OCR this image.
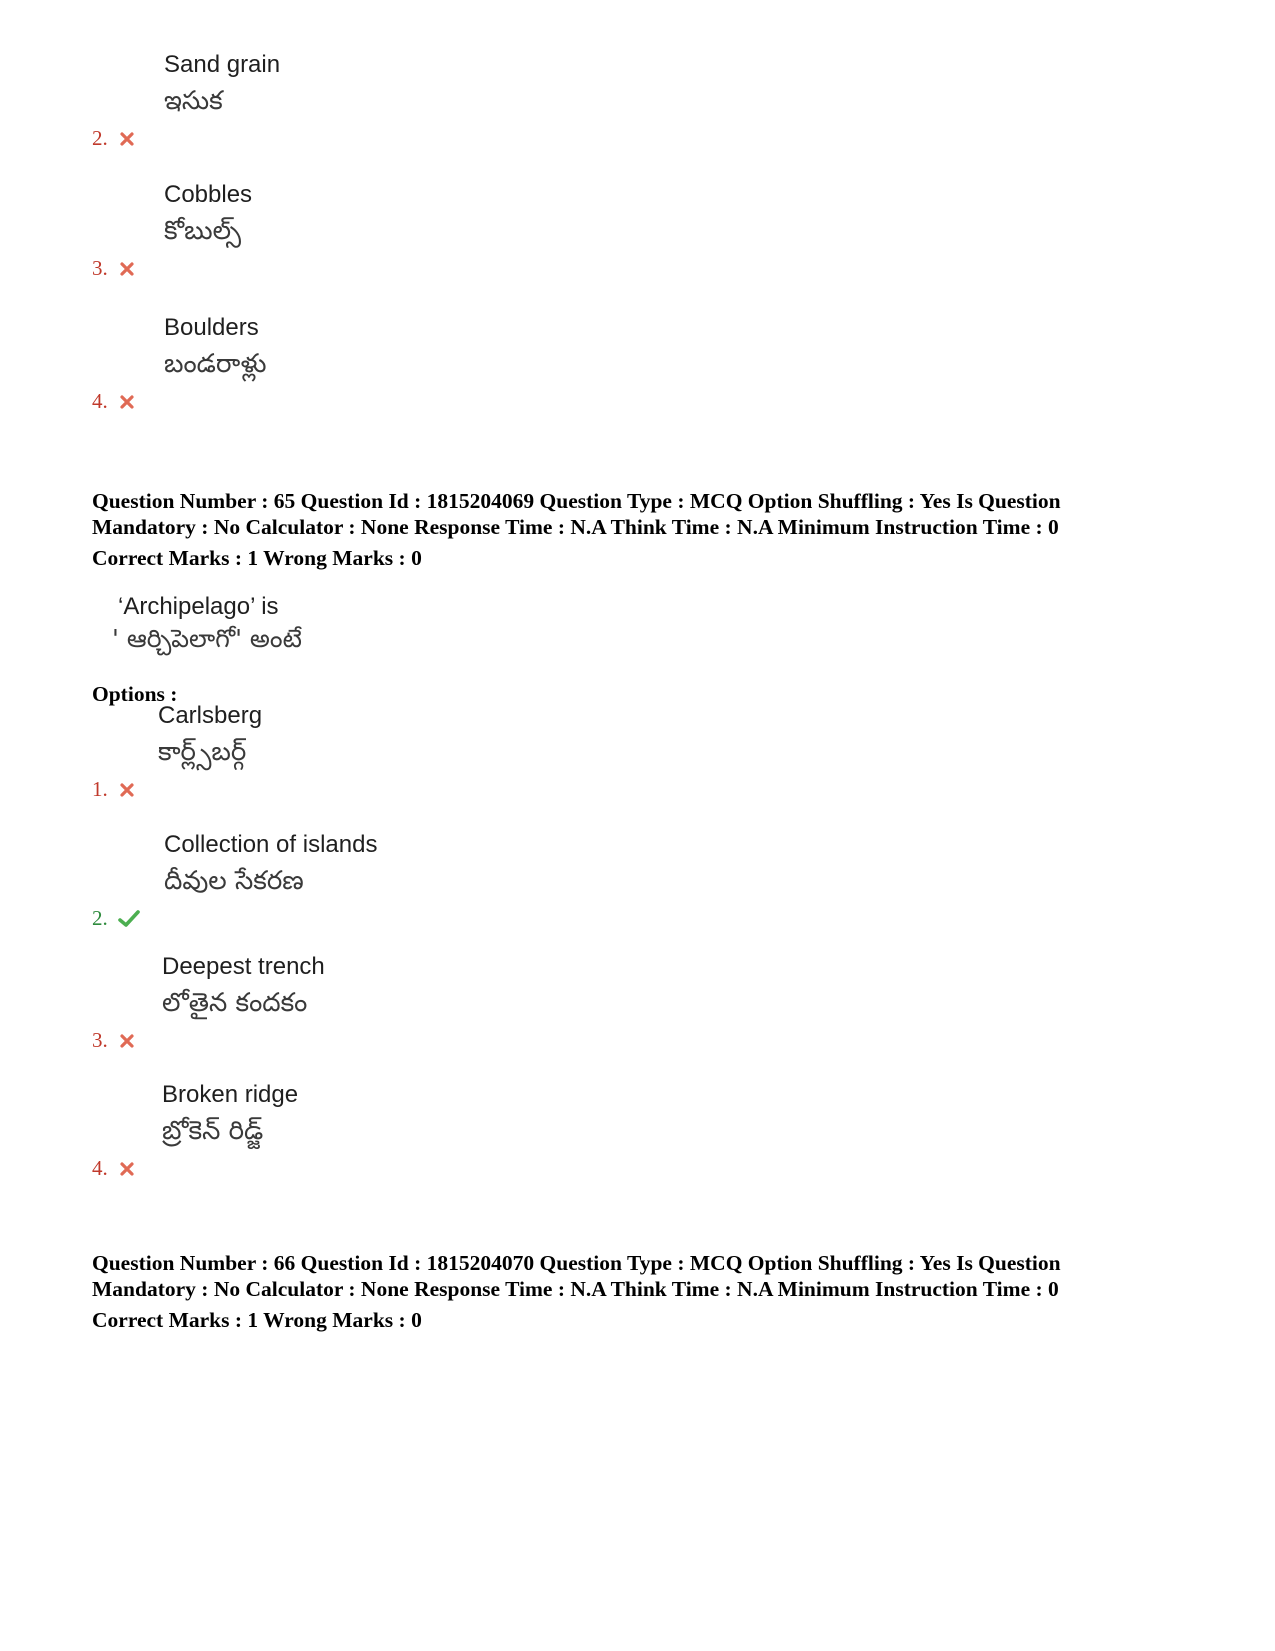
Sand grain
ఇసుక
2.
Cobbles
కోబుల్స్
3.
Boulders
బండరాళ్లు
4.
Question Number : 65 Question Id : 1815204069 Question Type : MCQ Option Shuffling : Yes Is Question
Mandatory : No Calculator : None Response Time : N.A Think Time : N.A Minimum Instruction Time : 0
Correct Marks : 1 Wrong Marks : 0
‘Archipelago’ is
' ఆర్చిపెలాగో' అంటే
Options :
Carlsberg
కార్ల్స్‌బర్గ్
1.
Collection of islands
దీవుల సేకరణ
2.
Deepest trench
లోతైన కందకం
3.
Broken ridge
బ్రోకెన్ రిడ్జ్
4.
Question Number : 66 Question Id : 1815204070 Question Type : MCQ Option Shuffling : Yes Is Question
Mandatory : No Calculator : None Response Time : N.A Think Time : N.A Minimum Instruction Time : 0
Correct Marks : 1 Wrong Marks : 0
